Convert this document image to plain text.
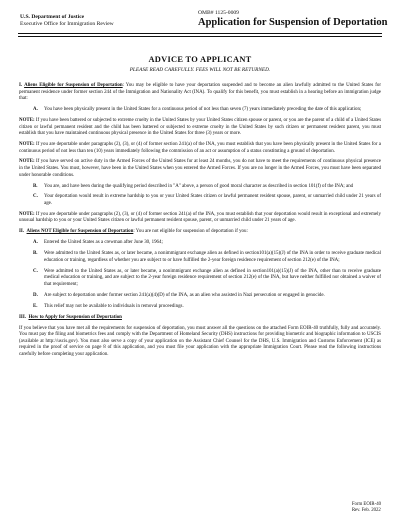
U.S. Department of Justice
Executive Office for Immigration Review
OMB# 1125-0009
Application for Suspension of Deportation
ADVICE TO APPLICANT
PLEASE READ CAREFULLY. FEES WILL NOT BE RETURNED.

I. Aliens Eligible for Suspension of Deportation: You may be eligible to have your deportation suspended and to become an alien lawfully admitted to the United States for permanent residence under former section 244 of the Immigration and Nationality Act (INA). To qualify for this benefit, you must establish in a hearing before an immigration judge that:

A.	You have been physically present in the United States for a continuous period of not less than seven (7) years immediately preceding the date of this application;

NOTE: If you have been battered or subjected to extreme cruelty in the United States by your United States citizen spouse or parent, or you are the parent of a child of a United States citizen or lawful permanent resident and the child has been battered or subjected to extreme cruelty in the United States by such citizen or permanent resident parent, you must establish that you have maintained continuous physical presence in the United States for three (3) years or more.

NOTE: If you are deportable under paragraphs (2), (3), or (4) of former section 241(a) of the INA, you must establish that you have been physically present in the United States for a continuous period of not less than ten (10) years immediately following the commission of an act or assumption of a status constituting a ground of deportation.

NOTE: If you have served on active duty in the Armed Forces of the United States for at least 24 months, you do not have to meet the requirements of continuous physical presence in the United States. You must, however, have been in the United States when you entered the Armed Forces. If you are no longer in the Armed Forces, you must have been separated under honorable conditions.

B.	You are, and have been during the qualifying period described in "A" above, a person of good moral character as described in section 101(f) of the INA; and
C.	Your deportation would result in extreme hardship to you or your United States citizen or lawful permanent resident spouse, parent, or unmarried child under 21 years of age.

NOTE: If you are deportable under paragraphs (2), (3), or (4) of former section 241(a) of the INA, you must establish that your deportation would result in exceptional and extremely unusual hardship to you or your United States citizen or lawful permanent resident spouse, parent, or unmarried child under 21 years of age.

II. Aliens NOT Eligible for Suspension of Deportation: You are not eligible for suspension of deportation if you:

A.	Entered the United States as a crewman after June 30, 1964;
B.	Were admitted to the United States as, or later became, a nonimmigrant exchange alien as defined in section101(a)(15)(J) of the INA in order to receive graduate medical education or training, regardless of whether you are subject to or have fulfilled the 2-year foreign residence requirement of section 212(e) of the INA;
C.	Were admitted to the United States as, or later became, a nonimmigrant exchange alien as defined in section101(a)(15)(J) of the INA, other than to receive graduate medical education or training, and are subject to the 2-year foreign residence requirement of section 212(e) of the INA, but have neither fulfilled nor obtained a waiver of that requirement;
D.	Are subject to deportation under former section 241(a)(4)(D) of the INA, as an alien who assisted in Nazi persecution or engaged in genocide.
E.	This relief may not be available to individuals in removal proceedings.

III. How to Apply for Suspension of Deportation

If you believe that you have met all the requirements for suspension of deportation, you must answer all the questions on the attached Form EOIR-40 truthfully, fully and accurately. You must pay the filing and biometrics fees and comply with the Department of Homeland Security (DHS) instructions for providing biometric and biographic information to USCIS (available at http://uscis.gov). You must also serve a copy of your application on the Assistant Chief Counsel for the DHS, U.S. Immigration and Customs Enforcement (ICE) as required in the proof of service on page 8 of this application, and you must file your application with the appropriate Immigration Court. Please read the following instructions carefully before completing your application.

Form EOIR-40
Rev. Feb. 2022
